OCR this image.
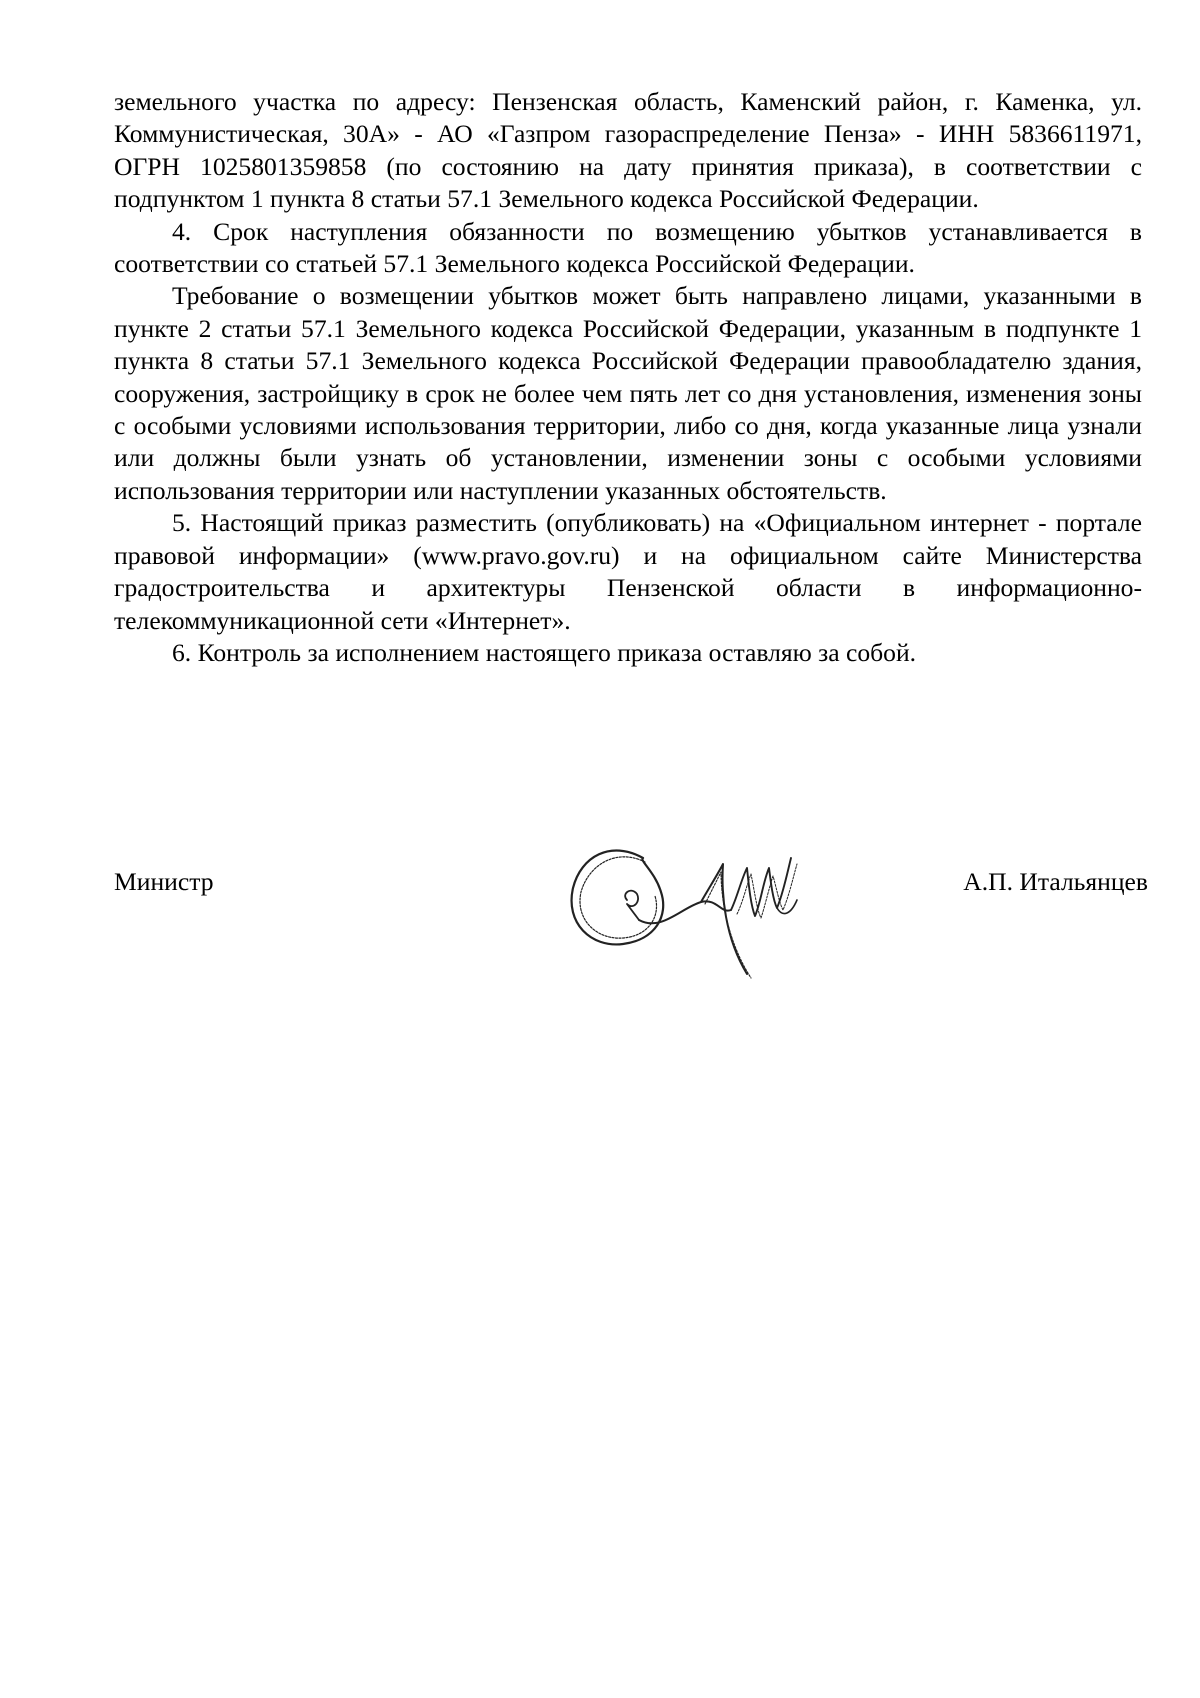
земельного участка по адресу: Пензенская область, Каменский район, г. Каменка, ул. Коммунистическая, 30А» - АО «Газпром газораспределение Пенза» - ИНН 5836611971, ОГРН 1025801359858 (по состоянию на дату принятия приказа), в соответствии с подпунктом 1 пункта 8 статьи 57.1 Земельного кодекса Российской Федерации.

4. Срок наступления обязанности по возмещению убытков устанавливается в соответствии со статьей 57.1 Земельного кодекса Российской Федерации.

Требование о возмещении убытков может быть направлено лицами, указанными в пункте 2 статьи 57.1 Земельного кодекса Российской Федерации, указанным в подпункте 1 пункта 8 статьи 57.1 Земельного кодекса Российской Федерации правообладателю здания, сооружения, застройщику в срок не более чем пять лет со дня установления, изменения зоны с особыми условиями использования территории, либо со дня, когда указанные лица узнали или должны были узнать об установлении, изменении зоны с особыми условиями использования территории или наступлении указанных обстоятельств.

5. Настоящий приказ разместить (опубликовать) на «Официальном интернет - портале правовой информации» (www.pravo.gov.ru) и на официальном сайте Министерства градостроительства и архитектуры Пензенской области в информационно-телекоммуникационной сети «Интернет».

6. Контроль за исполнением настоящего приказа оставляю за собой.

Министр	А.П. Итальянцев
